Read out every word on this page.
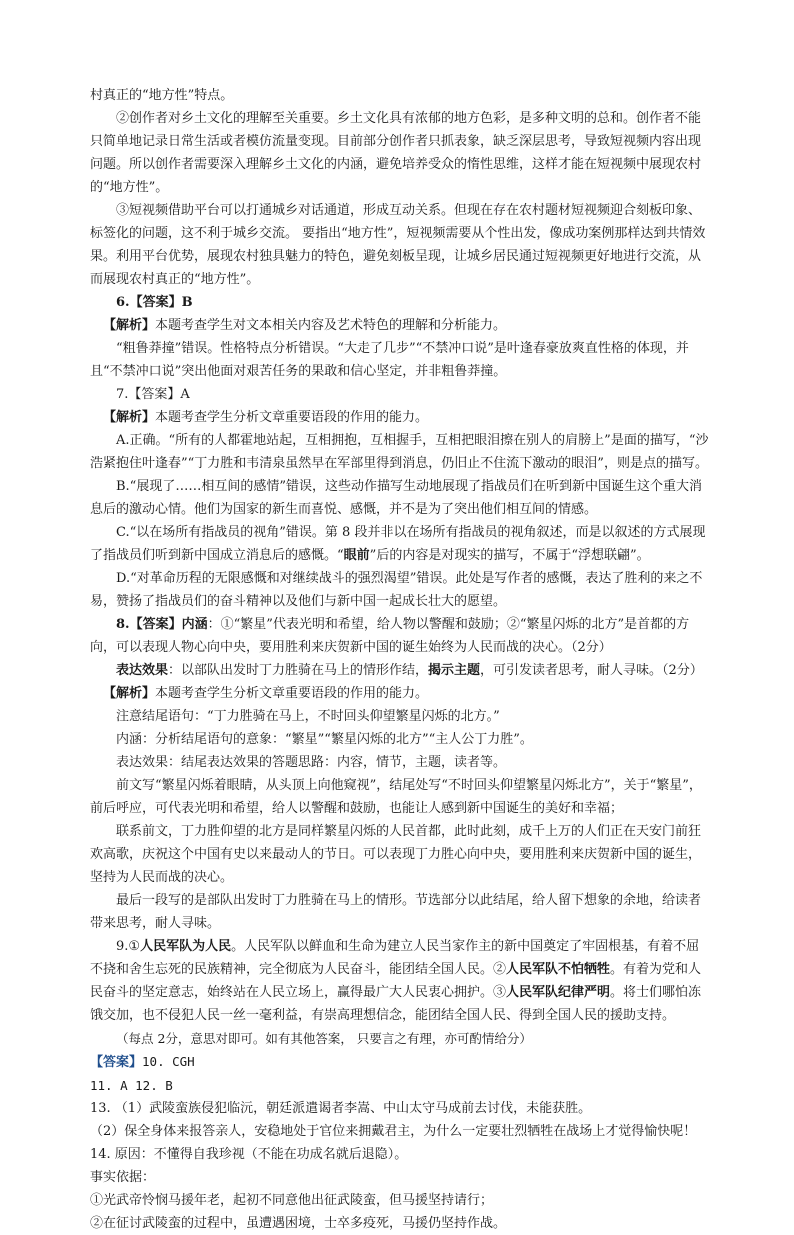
村真正的“地方性”特点。

②创作者对乡土文化的理解至关重要。乡土文化具有浓郁的地方色彩，是多种文明的总和。创作者不能只简单地记录日常生活或者模仿流量变现。目前部分创作者只抓表象，缺乏深层思考，导致短视频内容出现问题。所以创作者需要深入理解乡土文化的内涵，避免培养受众的惰性思维，这样才能在短视频中展现农村的“地方性”。

③短视频借助平台可以打通城乡对话通道，形成互动关系。但现在存在农村题材短视频迎合刻板印象、标签化的问题，这不利于城乡交流。 要指出“地方性”，短视频需要从个性出发，像成功案例那样达到共情效果。利用平台优势，展现农村独具魅力的特色，避免刻板呈现，让城乡居民通过短视频更好地进行交流，从而展现农村真正的“地方性”。

6.【答案】B

【解析】本题考查学生对文本相关内容及艺术特色的理解和分析能力。

“粗鲁莽撞”错误。性格特点分析错误。“大走了几步”“不禁冲口说”是叶逢春豪放爽直性格的体现，并且“不禁冲口说”突出他面对艰苦任务的果敢和信心坚定，并非粗鲁莽撞。

7.【答案】A

【解析】本题考查学生分析文章重要语段的作用的能力。

A.正确。“所有的人都霍地站起，互相拥抱，互相握手，互相把眼泪擦在别人的肩膀上”是面的描写，“沙浩紧抱住叶逢春”“丁力胜和韦清泉虽然早在军部里得到消息，仍旧止不住流下激动的眼泪”，则是点的描写。

B.“展现了……相互间的感情”错误，这些动作描写生动地展现了指战员们在听到新中国诞生这个重大消息后的激动心情。他们为国家的新生而喜悦、感慨，并不是为了突出他们相互间的情感。

C.“以在场所有指战员的视角”错误。第 8 段并非以在场所有指战员的视角叙述，而是以叙述的方式展现了指战员们听到新中国成立消息后的感慨。“眼前”后的内容是对现实的描写，不属于“浮想联翩”。

D.“对革命历程的无限感慨和对继续战斗的强烈渴望”错误。此处是写作者的感慨，表达了胜利的来之不易，赞扬了指战员们的奋斗精神以及他们与新中国一起成长壮大的愿望。

8.【答案】内涵：①“繁星”代表光明和希望，给人物以警醒和鼓励；②“繁星闪烁的北方”是首都的方向，可以表现人物心向中央，要用胜利来庆贺新中国的诞生始终为人民而战的决心。（2分）

表达效果：以部队出发时丁力胜骑在马上的情形作结，揭示主题，可引发读者思考，耐人寻味。（2分）

【解析】本题考查学生分析文章重要语段的作用的能力。

注意结尾语句：“丁力胜骑在马上，不时回头仰望繁星闪烁的北方。”

内涵：分析结尾语句的意象：“繁星”“繁星闪烁的北方”“主人公丁力胜”。

表达效果：结尾表达效果的答题思路：内容，情节，主题，读者等。

前文写“繁星闪烁着眼睛，从头顶上向他窥视”，结尾处写“不时回头仰望繁星闪烁北方”，关于“繁星”，前后呼应，可代表光明和希望，给人以警醒和鼓励，也能让人感到新中国诞生的美好和幸福；

联系前文，丁力胜仰望的北方是同样繁星闪烁的人民首都，此时此刻，成千上万的人们正在天安门前狂欢高歌，庆祝这个中国有史以来最动人的节日。可以表现丁力胜心向中央，要用胜利来庆贺新中国的诞生，坚持为人民而战的决心。

最后一段写的是部队出发时丁力胜骑在马上的情形。节选部分以此结尾，给人留下想象的余地，给读者带来思考，耐人寻味。

9.①人民军队为人民。人民军队以鲜血和生命为建立人民当家作主的新中国奠定了牢固根基，有着不屈不挠和舍生忘死的民族精神，完全彻底为人民奋斗，能团结全国人民。②人民军队不怕牺牲。有着为党和人民奋斗的坚定意志，始终站在人民立场上，赢得最广大人民衷心拥护。③人民军队纪律严明。将士们哪怕冻饿交加，也不侵犯人民一丝一毫利益，有崇高理想信念，能团结全国人民、得到全国人民的援助支持。

（每点 2分，意思对即可。如有其他答案， 只要言之有理，亦可酌情给分）

【答案】10. CGH

11. A 12. B

13. （1）武陵蛮族侵犯临沅，朝廷派遣谒者李嵩、中山太守马成前去讨伐，未能获胜。

（2）保全身体来报答亲人，安稳地处于官位来拥戴君主，为什么一定要壮烈牺牲在战场上才觉得愉快呢！

14. 原因：不懂得自我珍视（不能在功成名就后退隐）。

事实依据：

①光武帝怜悯马援年老，起初不同意他出征武陵蛮，但马援坚持请行；

②在征讨武陵蛮的过程中，虽遭遇困境，士卒多疫死，马援仍坚持作战。
